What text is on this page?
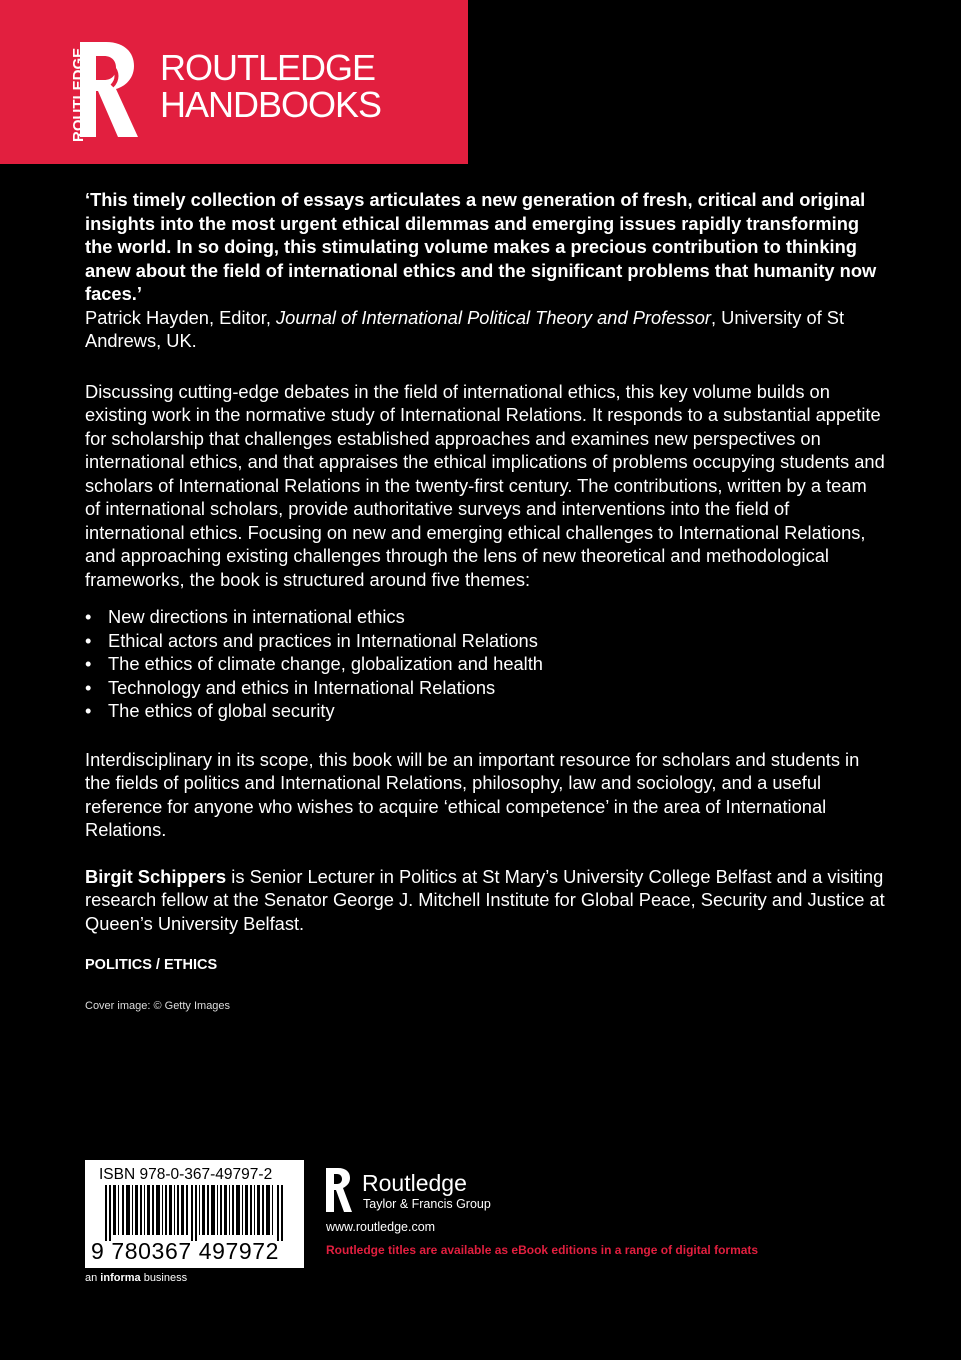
ROUTLEDGE ROUTLEDGE
HANDBOOKS

‘This timely collection of essays articulates a new generation of fresh, critical and original insights into the most urgent ethical dilemmas and emerging issues rapidly transforming the world. In so doing, this stimulating volume makes a precious contribution to thinking anew about the field of international ethics and the significant problems that humanity now faces.’

Patrick Hayden, Editor, Journal of International Political Theory and Professor, University of St Andrews, UK.

Discussing cutting-edge debates in the field of international ethics, this key volume builds on existing work in the normative study of International Relations. It responds to a substantial appetite for scholarship that challenges established approaches and examines new perspectives on international ethics, and that appraises the ethical implications of problems occupying students and scholars of International Relations in the twenty-first century. The contributions, written by a team of international scholars, provide authoritative surveys and interventions into the field of international ethics. Focusing on new and emerging ethical challenges to International Relations, and approaching existing challenges through the lens of new theoretical and methodological frameworks, the book is structured around five themes:

• New directions in international ethics
• Ethical actors and practices in International Relations
• The ethics of climate change, globalization and health
• Technology and ethics in International Relations
• The ethics of global security

Interdisciplinary in its scope, this book will be an important resource for scholars and students in the fields of politics and International Relations, philosophy, law and sociology, and a useful reference for anyone who wishes to acquire ‘ethical competence’ in the area of International Relations.

Birgit Schippers is Senior Lecturer in Politics at St Mary’s University College Belfast and a visiting research fellow at the Senator George J. Mitchell Institute for Global Peace, Security and Justice at Queen’s University Belfast.

POLITICS / ETHICS

Cover image: © Getty Images

ISBN 978-0-367-49797-2
9 780367 497972
an informa business
Routledge
Taylor & Francis Group
www.routledge.com
Routledge titles are available as eBook editions in a range of digital formats
